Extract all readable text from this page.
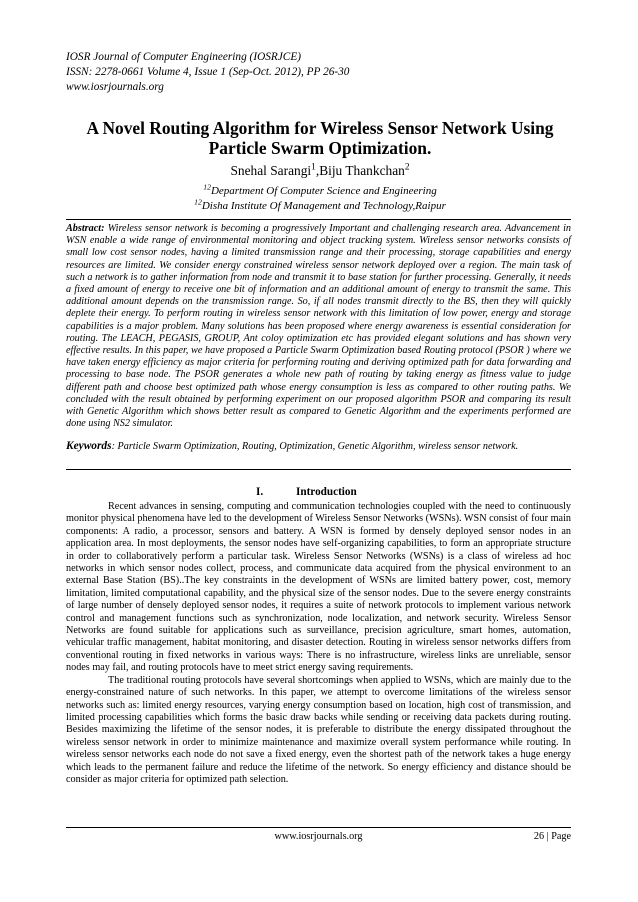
IOSR Journal of Computer Engineering (IOSRJCE)
ISSN: 2278-0661 Volume 4, Issue 1 (Sep-Oct. 2012), PP 26-30
www.iosrjournals.org
A Novel Routing Algorithm for Wireless Sensor Network Using
Particle Swarm Optimization.
Snehal Sarangi$^1$,Biju Thankchan$^2$
$^{12}$Department Of Computer Science and Engineering
$^{12}$Disha Institute Of Management and Technology,Raipur
Abstract: Wireless sensor network is becoming a progressively Important and challenging research area. Advancement in WSN enable a wide range of environmental monitoring and object tracking system. Wireless sensor networks consists of small low cost sensor nodes, having a limited transmission range and their processing, storage capabilities and energy resources are limited. We consider energy constrained wireless sensor network deployed over a region. The main task of such a network is to gather information from node and transmit it to base station for further processing. Generally, it needs a fixed amount of energy to receive one bit of information and an additional amount of energy to transmit the same. This additional amount depends on the transmission range. So, if all nodes transmit directly to the BS, then they will quickly deplete their energy. To perform routing in wireless sensor network with this limitation of low power, energy and storage capabilities is a major problem. Many solutions has been proposed where energy awareness is essential consideration for routing. The LEACH, PEGASIS, GROUP, Ant coloy optimization etc has provided elegant solutions and has shown very effective results. In this paper, we have proposed a Particle Swarm Optimization based Routing protocol (PSOR ) where we have taken energy efficiency as major criteria for performing routing and deriving optimized path for data forwarding and processing to base node. The PSOR generates a whole new path of routing by taking energy as fitness value to judge different path and choose best optimized path whose energy consumption is less as compared to other routing paths. We concluded with the result obtained by performing experiment on our proposed algorithm PSOR and comparing its result with Genetic Algorithm which shows better result as compared to Genetic Algorithm and the experiments performed are done using NS2 simulator.
Keywords: Particle Swarm Optimization, Routing, Optimization, Genetic Algorithm, wireless sensor network.
I.	Introduction

Recent advances in sensing, computing and communication technologies coupled with the need to continuously monitor physical phenomena have led to the development of Wireless Sensor Networks (WSNs). WSN consist of four main components: A radio, a processor, sensors and battery. A WSN is formed by densely deployed sensor nodes in an application area. In most deployments, the sensor nodes have self-organizing capabilities, to form an appropriate structure in order to collaboratively perform a particular task. Wireless Sensor Networks (WSNs) is a class of wireless ad hoc networks in which sensor nodes collect, process, and communicate data acquired from the physical environment to an external Base Station (BS)..The key constraints in the development of WSNs are limited battery power, cost, memory limitation, limited computational capability, and the physical size of the sensor nodes. Due to the severe energy constraints of large number of densely deployed sensor nodes, it requires a suite of network protocols to implement various network control and management functions such as synchronization, node localization, and network security. Wireless Sensor Networks are found suitable for applications such as surveillance, precision agriculture, smart homes, automation, vehicular traffic management, habitat monitoring, and disaster detection. Routing in wireless sensor networks differs from conventional routing in fixed networks in various ways: There is no infrastructure, wireless links are unreliable, sensor nodes may fail, and routing protocols have to meet strict energy saving requirements.

The traditional routing protocols have several shortcomings when applied to WSNs, which are mainly due to the energy-constrained nature of such networks. In this paper, we attempt to overcome limitations of the wireless sensor networks such as: limited energy resources, varying energy consumption based on location, high cost of transmission, and limited processing capabilities which forms the basic draw backs while sending or receiving data packets during routing. Besides maximizing the lifetime of the sensor nodes, it is preferable to distribute the energy dissipated throughout the wireless sensor network in order to minimize maintenance and maximize overall system performance while routing. In wireless sensor networks each node do not save a fixed energy, even the shortest path of the network takes a huge energy which leads to the permanent failure and reduce the lifetime of the network. So energy efficiency and distance should be consider as major criteria for optimized path selection.

www.iosrjournals.org	26 | Page
